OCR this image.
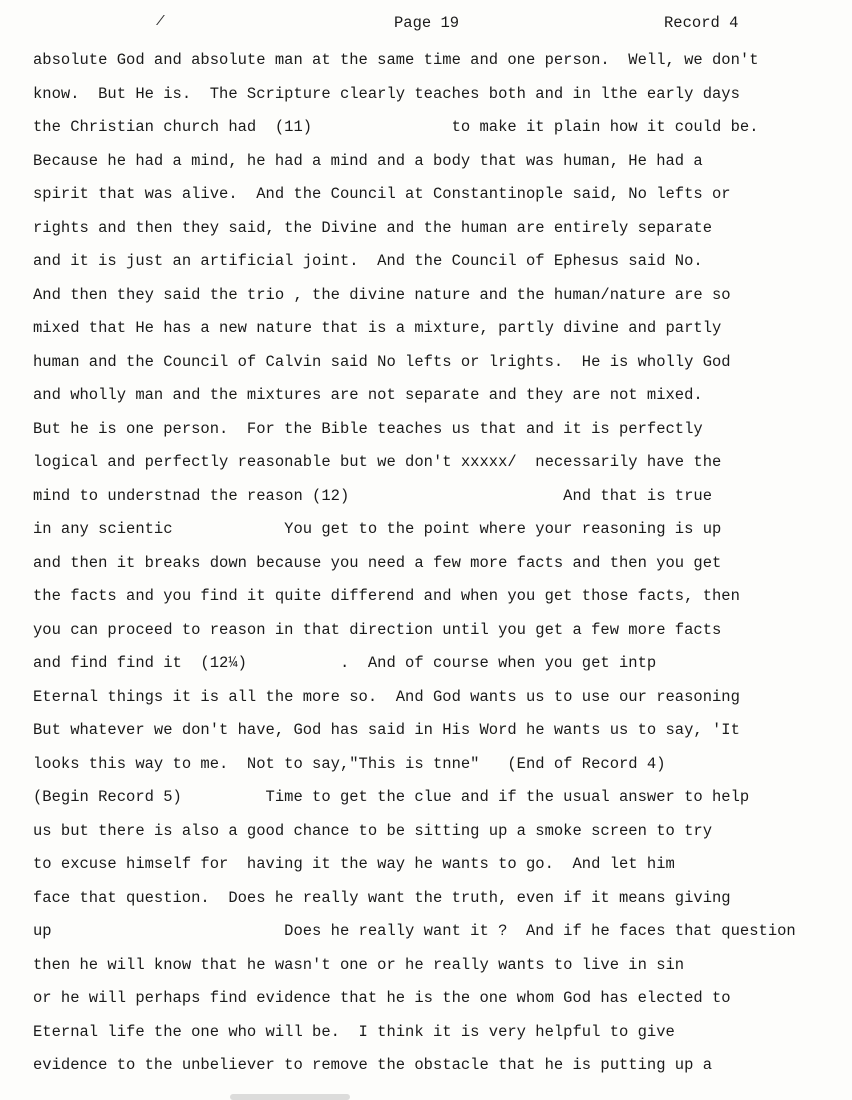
/	Page 19	Record 4
absolute God and absolute man at the same time and one person.  Well, we don't
know.  But He is.  The Scripture clearly teaches both and in lthe early days
the Christian church had  (11)               to make it plain how it could be.
Because he had a mind, he had a mind and a body that was human, He had a
spirit that was alive.  And the Council at Constantinople said, No lefts or
rights and then they said, the Divine and the human are entirely separate
and it is just an artificial joint.  And the Council of Ephesus said No.
And then they said the trio , the divine nature and the human/nature are so
mixed that He has a new nature that is a mixture, partly divine and partly
human and the Council of Calvin said No lefts or lrights.  He is wholly God
and wholly man and the mixtures are not separate and they are not mixed.
But he is one person.  For the Bible teaches us that and it is perfectly
logical and perfectly reasonable but we don't xxxxx/  necessarily have the
mind to understnad the reason (12)                       And that is true
in any scientic            You get to the point where your reasoning is up
and then it breaks down because you need a few more facts and then you get
the facts and you find it quite differend and when you get those facts, then
you can proceed to reason in that direction until you get a few more facts
and find find it  (12¼)          .  And of course when you get intp
Eternal things it is all the more so.  And God wants us to use our reasoning
But whatever we don't have, God has said in His Word he wants us to say, 'It
looks this way to me.  Not to say,"This is tnne"   (End of Record 4)
(Begin Record 5)         Time to get the clue and if the usual answer to help
us but there is also a good chance to be sitting up a smoke screen to try
to excuse himself for  having it the way he wants to go.  And let him
face that question.  Does he really want the truth, even if it means giving
up                         Does he really want it ?  And if he faces that question
then he will know that he wasn't one or he really wants to live in sin
or he will perhaps find evidence that he is the one whom God has elected to
Eternal life the one who will be.  I think it is very helpful to give
evidence to the unbeliever to remove the obstacle that he is putting up a
